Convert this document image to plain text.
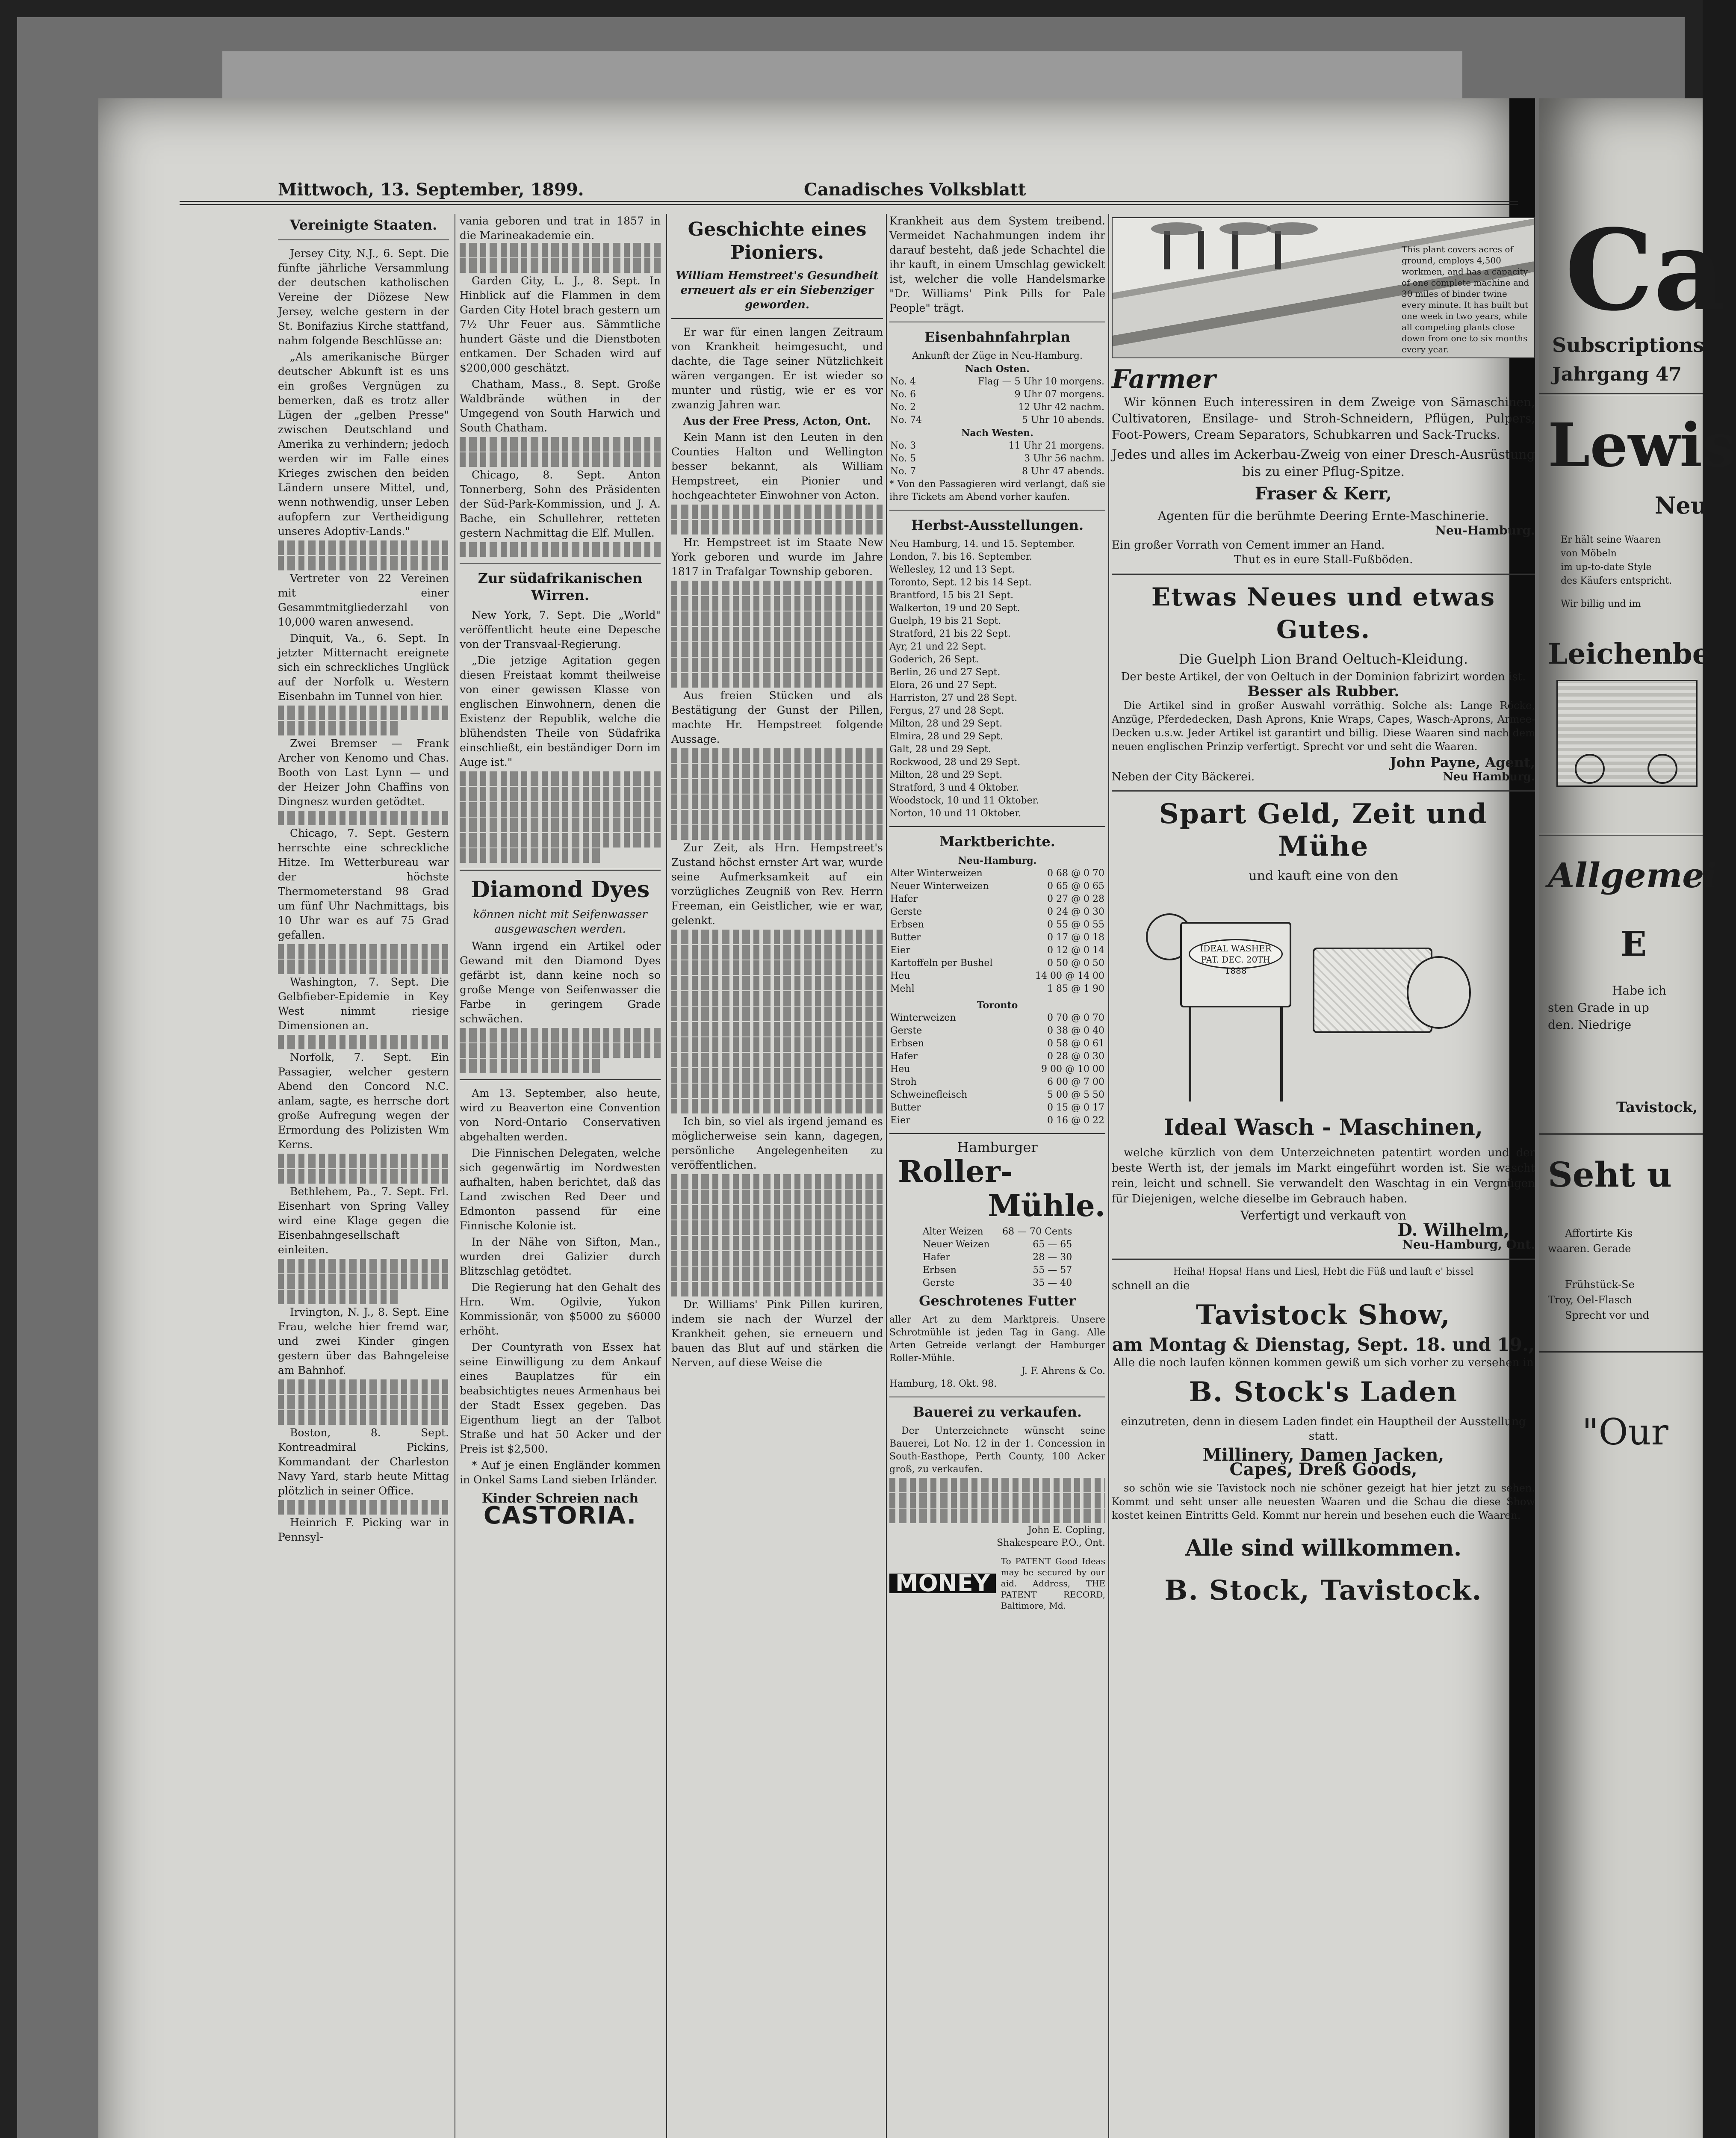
Mittwoch, 13. September, 1899.	Canadisches Volksblatt
Vereinigte Staaten.

Jersey City, N.J., 6. Sept. Die fünfte jährliche Versammlung der deutschen katholischen Vereine der Diözese New Jersey, welche gestern in der St. Bonifazius Kirche stattfand, nahm folgende Beschlüsse an:

„Als amerikanische Bürger deutscher Abkunft ist es uns ein großes Vergnügen zu bemerken, daß es trotz aller Lügen der „gelben Presse" zwischen Deutschland und Amerika zu verhindern; jedoch werden wir im Falle eines Krieges zwischen den beiden Ländern unsere Mittel, und, wenn nothwendig, unser Leben aufopfern zur Vertheidigung unseres Adoptiv-Lands."

Vertreter von 22 Vereinen mit einer Gesammtmitgliederzahl von 10,000 waren anwesend.

Dinquit, Va., 6. Sept. In jetzter Mitternacht ereignete sich ein schreckliches Unglück auf der Norfolk u. Western Eisenbahn im Tunnel von hier.

Zwei Bremser — Frank Archer von Kenomo und Chas. Booth von Last Lynn — und der Heizer John Chaffins von Dingnesz wurden getödtet.

Chicago, 7. Sept. Gestern herrschte eine schreckliche Hitze. Im Wetterbureau war der höchste Thermometerstand 98 Grad um fünf Uhr Nachmittags, bis 10 Uhr war es auf 75 Grad gefallen.

Washington, 7. Sept. Die Gelbfieber-Epidemie in Key West nimmt riesige Dimensionen an.

Norfolk, 7. Sept. Ein Passagier, welcher gestern Abend den Concord N.C. anlam, sagte, es herrsche dort große Aufregung wegen der Ermordung des Polizisten Wm Kerns.

Bethlehem, Pa., 7. Sept. Frl. Eisenhart von Spring Valley wird eine Klage gegen die Eisenbahngesellschaft einleiten.

Irvington, N. J., 8. Sept. Eine Frau, welche hier fremd war, und zwei Kinder gingen gestern über das Bahngeleise am Bahnhof.

Boston, 8. Sept. Kontreadmiral Pickins, Kommandant der Charleston Navy Yard, starb heute Mittag plötzlich in seiner Office.

Heinrich F. Picking war in Pennsyl-

vania geboren und trat in 1857 in die Marineakademie ein.

Garden City, L. J., 8. Sept. In Hinblick auf die Flammen in dem Garden City Hotel brach gestern um 7½ Uhr Feuer aus. Sämmtliche hundert Gäste und die Dienstboten entkamen. Der Schaden wird auf $200,000 geschätzt.

Chatham, Mass., 8. Sept. Große Waldbrände wüthen in der Umgegend von South Harwich und South Chatham.

Chicago, 8. Sept. Anton Tonnerberg, Sohn des Präsidenten der Süd-Park-Kommission, und J. A. Bache, ein Schullehrer, retteten gestern Nachmittag die Elf. Mullen.

Zur südafrikanischen Wirren.

New York, 7. Sept. Die „World" veröffentlicht heute eine Depesche von der Transvaal-Regierung.

„Die jetzige Agitation gegen diesen Freistaat kommt theilweise von einer gewissen Klasse von englischen Einwohnern, denen die Existenz der Republik, welche die blühendsten Theile von Südafrika einschließt, ein beständiger Dorn im Auge ist."

Diamond Dyes
können nicht mit Seifenwasser ausgewaschen werden.

Wann irgend ein Artikel oder Gewand mit den Diamond Dyes gefärbt ist, dann keine noch so große Menge von Seifenwasser die Farbe in geringem Grade schwächen.

Am 13. September, also heute, wird zu Beaverton eine Convention von Nord-Ontario Conservativen abgehalten werden.

Die Finnischen Delegaten, welche sich gegenwärtig im Nordwesten aufhalten, haben berichtet, daß das Land zwischen Red Deer und Edmonton passend für eine Finnische Kolonie ist.

In der Nähe von Sifton, Man., wurden drei Galizier durch Blitzschlag getödtet.

Die Regierung hat den Gehalt des Hrn. Wm. Ogilvie, Yukon Kommissionär, von $5000 zu $6000 erhöht.

Der Countyrath von Essex hat seine Einwilligung zu dem Ankauf eines Bauplatzes für ein beabsichtigtes neues Armenhaus bei der Stadt Essex gegeben. Das Eigenthum liegt an der Talbot Straße und hat 50 Acker und der Preis ist $2,500.

* Auf je einen Engländer kommen in Onkel Sams Land sieben Irländer.

Kinder Schreien nach
CASTORIA.
Geschichte eines Pioniers.
William Hemstreet's Gesundheit erneuert als er ein Siebenziger geworden.

Er war für einen langen Zeitraum von Krankheit heimgesucht, und dachte, die Tage seiner Nützlichkeit wären vergangen. Er ist wieder so munter und rüstig, wie er es vor zwanzig Jahren war.

Aus der Free Press, Acton, Ont.

Kein Mann ist den Leuten in den Counties Halton und Wellington besser bekannt, als William Hempstreet, ein Pionier und hochgeachteter Einwohner von Acton.

Hr. Hempstreet ist im Staate New York geboren und wurde im Jahre 1817 in Trafalgar Township geboren.

Aus freien Stücken und als Bestätigung der Gunst der Pillen, machte Hr. Hempstreet folgende Aussage.

Zur Zeit, als Hrn. Hempstreet's Zustand höchst ernster Art war, wurde seine Aufmerksamkeit auf ein vorzügliches Zeugniß von Rev. Herrn Freeman, ein Geistlicher, wie er war, gelenkt.

Ich bin, so viel als irgend jemand es möglicherweise sein kann, dagegen, persönliche Angelegenheiten zu veröffentlichen.

Dr. Williams' Pink Pillen kuriren, indem sie nach der Wurzel der Krankheit gehen, sie erneuern und bauen das Blut auf und stärken die Nerven, auf diese Weise die

Krankheit aus dem System treibend. Vermeidet Nachahmungen indem ihr darauf besteht, daß jede Schachtel die ihr kauft, in einem Umschlag gewickelt ist, welcher die volle Handelsmarke "Dr. Williams' Pink Pills for Pale People" trägt.

Eisenbahnfahrplan
Ankunft der Züge in Neu-Hamburg.
Nach Osten.
No. 4	Flag — 5 Uhr 10 morgens.
No. 6	9 Uhr 07 morgens.
No. 2	12 Uhr 42 nachm.
No. 74	5 Uhr 10 abends.
Nach Westen.
No. 3	11 Uhr 21 morgens.
No. 5	3 Uhr 56 nachm.
No. 7	8 Uhr 47 abends.

* Von den Passagieren wird verlangt, daß sie ihre Tickets am Abend vorher kaufen.

Herbst-Ausstellungen.
Neu Hamburg, 14. und 15. September.
London, 7. bis 16. September.
Wellesley, 12 und 13 Sept.
Toronto, Sept. 12 bis 14 Sept.
Brantford, 15 bis 21 Sept.
Walkerton, 19 und 20 Sept.
Guelph, 19 bis 21 Sept.
Stratford, 21 bis 22 Sept.
Ayr, 21 und 22 Sept.
Goderich, 26 Sept.
Berlin, 26 und 27 Sept.
Elora, 26 und 27 Sept.
Harriston, 27 und 28 Sept.
Fergus, 27 und 28 Sept.
Milton, 28 und 29 Sept.
Elmira, 28 und 29 Sept.
Galt, 28 und 29 Sept.
Rockwood, 28 und 29 Sept.
Milton, 28 und 29 Sept.
Stratford, 3 und 4 Oktober.
Woodstock, 10 und 11 Oktober.
Norton, 10 und 11 Oktober.
Marktberichte.
Neu-Hamburg.
Alter Winterweizen	0 68 @ 0 70
Neuer Winterweizen	0 65 @ 0 65
Hafer	0 27 @ 0 28
Gerste	0 24 @ 0 30
Erbsen	0 55 @ 0 55
Butter	0 17 @ 0 18
Eier	0 12 @ 0 14
Kartoffeln per Bushel	0 50 @ 0 50
Heu	14 00 @ 14 00
Mehl	1 85 @ 1 90
Toronto
Winterweizen	0 70 @ 0 70
Gerste	0 38 @ 0 40
Erbsen	0 58 @ 0 61
Hafer	0 28 @ 0 30
Heu	9 00 @ 10 00
Stroh	6 00 @ 7 00
Schweinefleisch	5 00 @ 5 50
Butter	0 15 @ 0 17
Eier	0 16 @ 0 22
Hamburger
Roller-
Mühle.
Alter Weizen	68 — 70 Cents
Neuer Weizen	65 — 65
Hafer	28 — 30
Erbsen	55 — 57
Gerste	35 — 40
Geschrotenes Futter

aller Art zu dem Marktpreis. Unsere Schrotmühle ist jeden Tag in Gang. Alle Arten Getreide verlangt der Hamburger Roller-Mühle.

J. F. Ahrens & Co.
Hamburg, 18. Okt. 98.
Bauerei zu verkaufen.

Der Unterzeichnete wünscht seine Bauerei, Lot No. 12 in der 1. Concession in South-Easthope, Perth County, 100 Acker groß, zu verkaufen.

John E. Copling,
Shakespeare P.O., Ont.
MONEY
To PATENT Good Ideas may be secured by our aid. Address, THE PATENT RECORD, Baltimore, Md.
This plant covers acres of ground, employs 4,500 workmen, and has a capacity of one complete machine and 30 miles of binder twine every minute. It has built but one week in two years, while all competing plants close down from one to six months every year.
Farmer

Wir können Euch interessiren in dem Zweige von Sämaschinen, Cultivatoren, Ensilage- und Stroh-Schneidern, Pflügen, Pulpers, Foot-Powers, Cream Separators, Schubkarren und Sack-Trucks.

Jedes und alles im Ackerbau-Zweig von einer Dresch-Ausrüstung bis zu einer Pflug-Spitze.

Fraser & Kerr,
Agenten für die berühmte Deering Ernte-Maschinerie.
Neu-Hamburg.
Ein großer Vorrath von Cement immer an Hand.
Thut es in eure Stall-Fußböden.
Etwas Neues und etwas Gutes.
Die Guelph Lion Brand Oeltuch-Kleidung.
Der beste Artikel, der von Oeltuch in der Dominion fabrizirt worden ist.
Besser als Rubber.

Die Artikel sind in großer Auswahl vorräthig. Solche als: Lange Röcke, Anzüge, Pferdedecken, Dash Aprons, Knie Wraps, Capes, Wasch-Aprons, Armee-Decken u.s.w. Jeder Artikel ist garantirt und billig. Diese Waaren sind nach dem neuen englischen Prinzip verfertigt. Sprecht vor und seht die Waaren.

John Payne, Agent,
Neben der City Bäckerei.	Neu Hamburg.
Spart Geld, Zeit und Mühe
und kauft eine von den
IDEAL WASHER PAT. DEC. 20TH 1888
Ideal Wasch - Maschinen,

welche kürzlich von dem Unterzeichneten patentirt worden und der beste Werth ist, der jemals im Markt eingeführt worden ist. Sie wascht rein, leicht und schnell. Sie verwandelt den Waschtag in ein Vergnügen für Diejenigen, welche dieselbe im Gebrauch haben.

Verfertigt und verkauft von
D. Wilhelm,
Neu-Hamburg, Ont.
Heiha! Hopsa! Hans und Liesl, Hebt die Füß und lauft e' bissel
schnell an die
Tavistock Show,
am Montag & Dienstag, Sept. 18. und 19.,
Alle die noch laufen können kommen gewiß um sich vorher zu versehen in
B. Stock's Laden
einzutreten, denn in diesem Laden findet ein Hauptheil der Ausstellung statt.
Millinery, Damen Jacken,
Capes, Dreß Goods,

so schön wie sie Tavistock noch nie schöner gezeigt hat hier jetzt zu sehen. Kommt und seht unser alle neuesten Waaren und die Schau die diese Show kostet keinen Eintritts Geld. Kommt nur herein und besehen euch die Waaren.

Alle sind willkommen.
B. Stock, Tavistock.
Ca
Subscriptions
Jahrgang 47
Lewis
Neu
Er hält seine Waaren
von Möbeln
im up-to-date Style
des Käufers entspricht.
Wir billig und im
Leichenbe
Allgemei
E
Habe ich
sten Grade in up
den. Niedrige
Tavistock,
Seht u
Affortirte Kis
waaren. Gerade
Frühstück-Se
Troy, Oel-Flasch
Sprecht vor und
"Our
